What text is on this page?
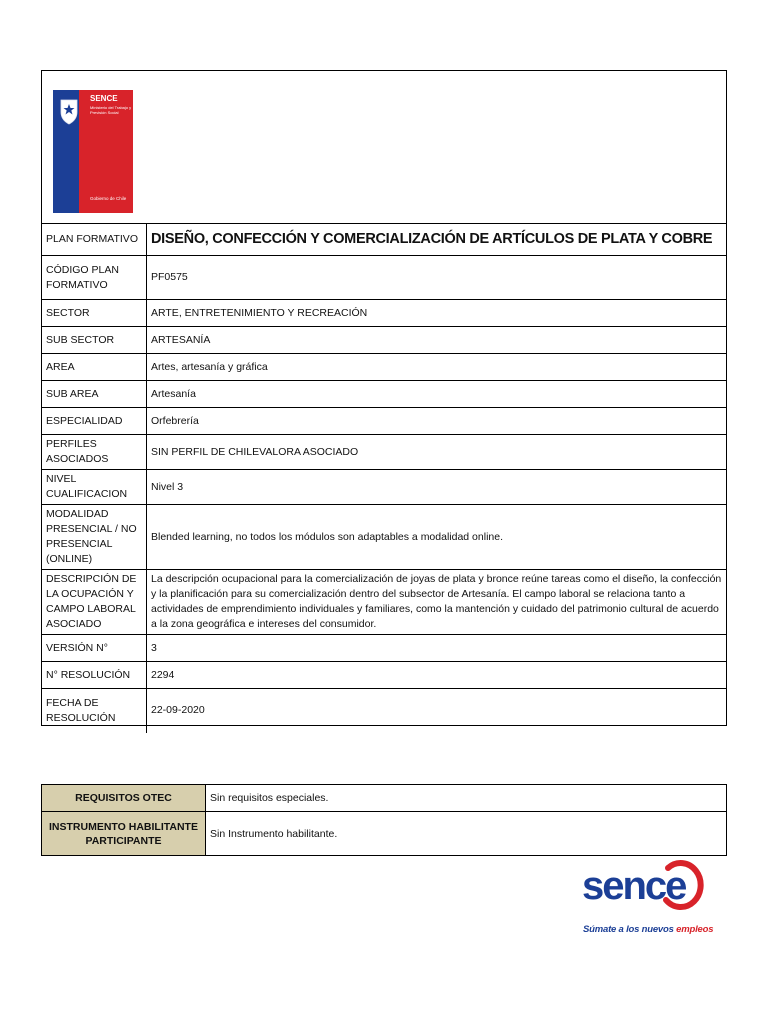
SENCE
Ministerio del Trabajo y Previsión Social
Gobierno de Chile
PLAN FORMATIVO	DISEÑO, CONFECCIÓN Y COMERCIALIZACIÓN DE ARTÍCULOS DE PLATA Y COBRE
CÓDIGO PLAN FORMATIVO	PF0575
SECTOR	ARTE, ENTRETENIMIENTO Y RECREACIÓN
SUB SECTOR	ARTESANÍA
AREA	Artes, artesanía y gráfica
SUB AREA	Artesanía
ESPECIALIDAD	Orfebrería
PERFILES ASOCIADOS	SIN PERFIL DE CHILEVALORA ASOCIADO
NIVEL CUALIFICACION	Nivel 3
MODALIDAD PRESENCIAL / NO PRESENCIAL (ONLINE)	Blended learning, no todos los módulos son adaptables a modalidad online.
DESCRIPCIÓN DE LA OCUPACIÓN Y CAMPO LABORAL ASOCIADO	La descripción ocupacional para la comercialización de joyas de plata y bronce reúne tareas como el diseño, la confección y la planificación para su comercialización dentro del subsector de Artesanía. El campo laboral se relaciona tanto a actividades de emprendimiento individuales y familiares, como la mantención y cuidado del patrimonio cultural de acuerdo a la zona geográfica e intereses del consumidor.
VERSIÓN N°	3
N° RESOLUCIÓN	2294
FECHA DE RESOLUCIÓN	22-09-2020
REQUISITOS OTEC	Sin requisitos especiales.
INSTRUMENTO HABILITANTE PARTICIPANTE	Sin Instrumento habilitante.
sence
Súmate a los nuevos empleos
